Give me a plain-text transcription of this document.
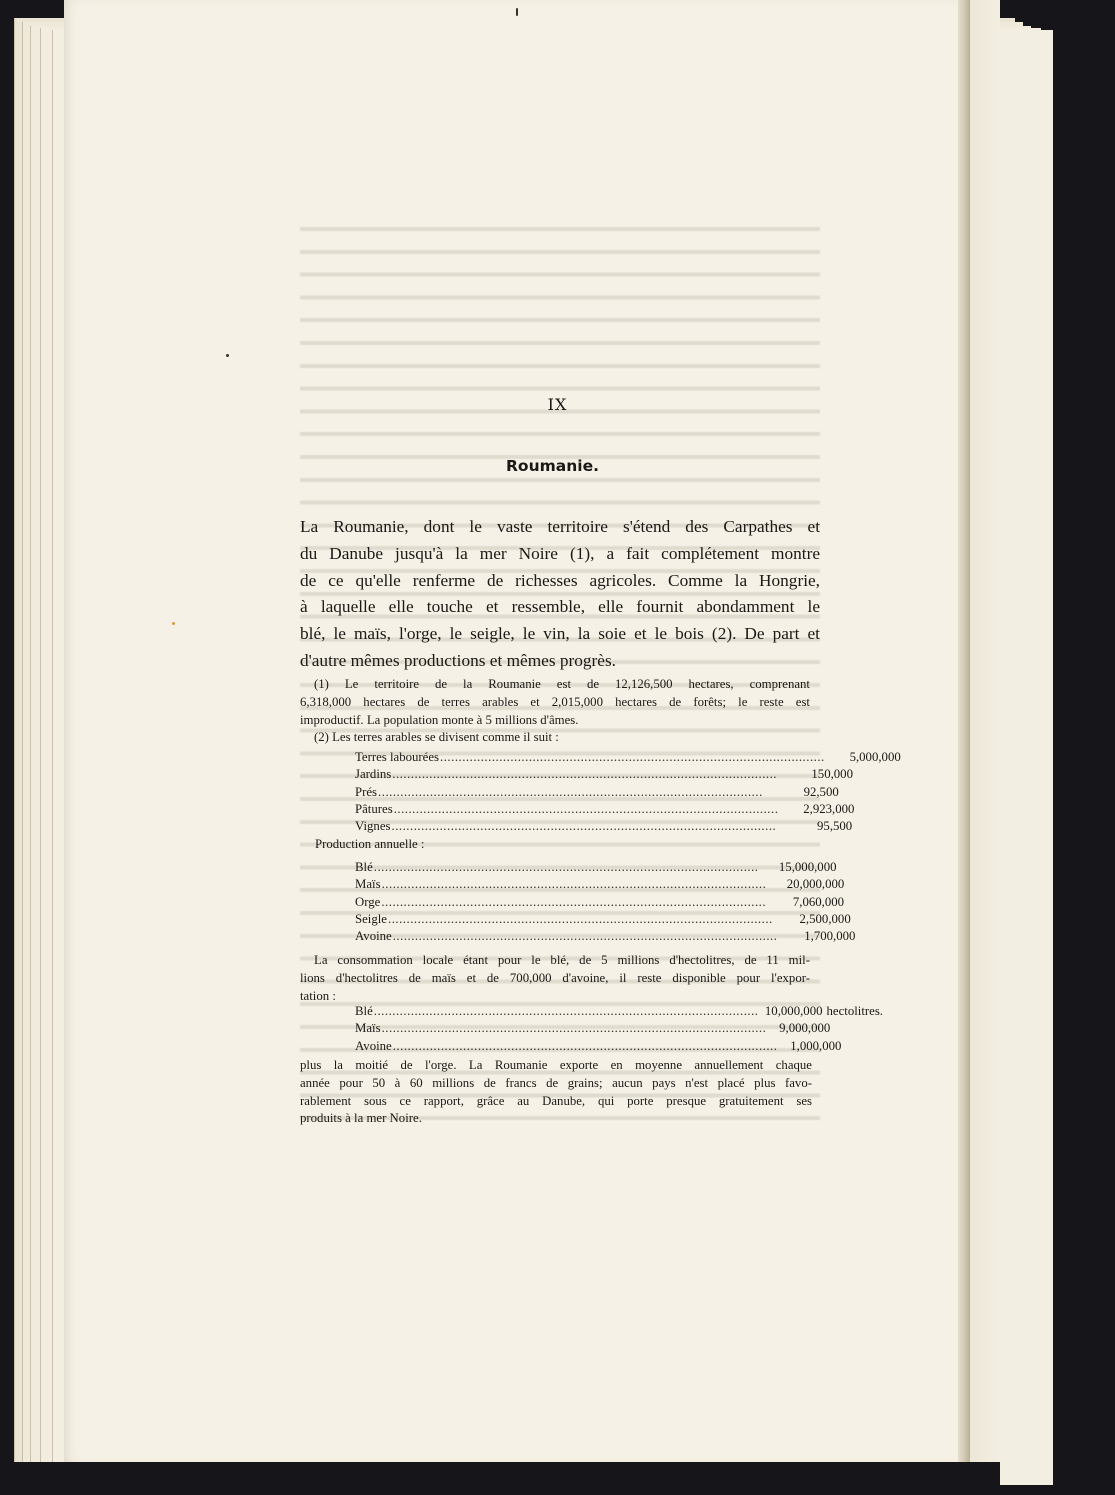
IX
Roumanie.
La Roumanie, dont le vaste territoire s'étend des Carpathes et
du Danube jusqu'à la mer Noire (1), a fait complétement montre
de ce qu'elle renferme de richesses agricoles. Comme la Hongrie,
à laquelle elle touche et ressemble, elle fournit abondamment le
blé, le maïs, l'orge, le seigle, le vin, la soie et le bois (2). De part et
d'autre mêmes productions et mêmes progrès.
(1) Le territoire de la Roumanie est de 12,126,500 hectares, comprenant
6,318,000 hectares de terres arables et 2,015,000 hectares de forêts; le reste est
improductif. La population monte à 5 millions d'âmes.
(2) Les terres arables se divisent comme il suit :
Terres labourées ........................................................................................................	5,000,000
Jardins ........................................................................................................	150,000
Prés ........................................................................................................	92,500
Pâtures ........................................................................................................	2,923,000
Vignes ........................................................................................................	95,500
Production annuelle :
Blé ........................................................................................................	15,000,000
Maïs ........................................................................................................	20,000,000
Orge ........................................................................................................	7,060,000
Seigle ........................................................................................................	2,500,000
Avoine ........................................................................................................	1,700,000
La consommation locale étant pour le blé, de 5 millions d'hectolitres, de 11 mil-
lions d'hectolitres de maïs et de 700,000 d'avoine, il reste disponible pour l'expor-
tation :
Blé ........................................................................................................ 10,000,000 hectolitres.
Maïs ........................................................................................................	9,000,000
Avoine ........................................................................................................	1,000,000
plus la moitié de l'orge. La Roumanie exporte en moyenne annuellement chaque
année pour 50 à 60 millions de francs de grains; aucun pays n'est placé plus favo-
rablement sous ce rapport, grâce au Danube, qui porte presque gratuitement ses
produits à la mer Noire.
